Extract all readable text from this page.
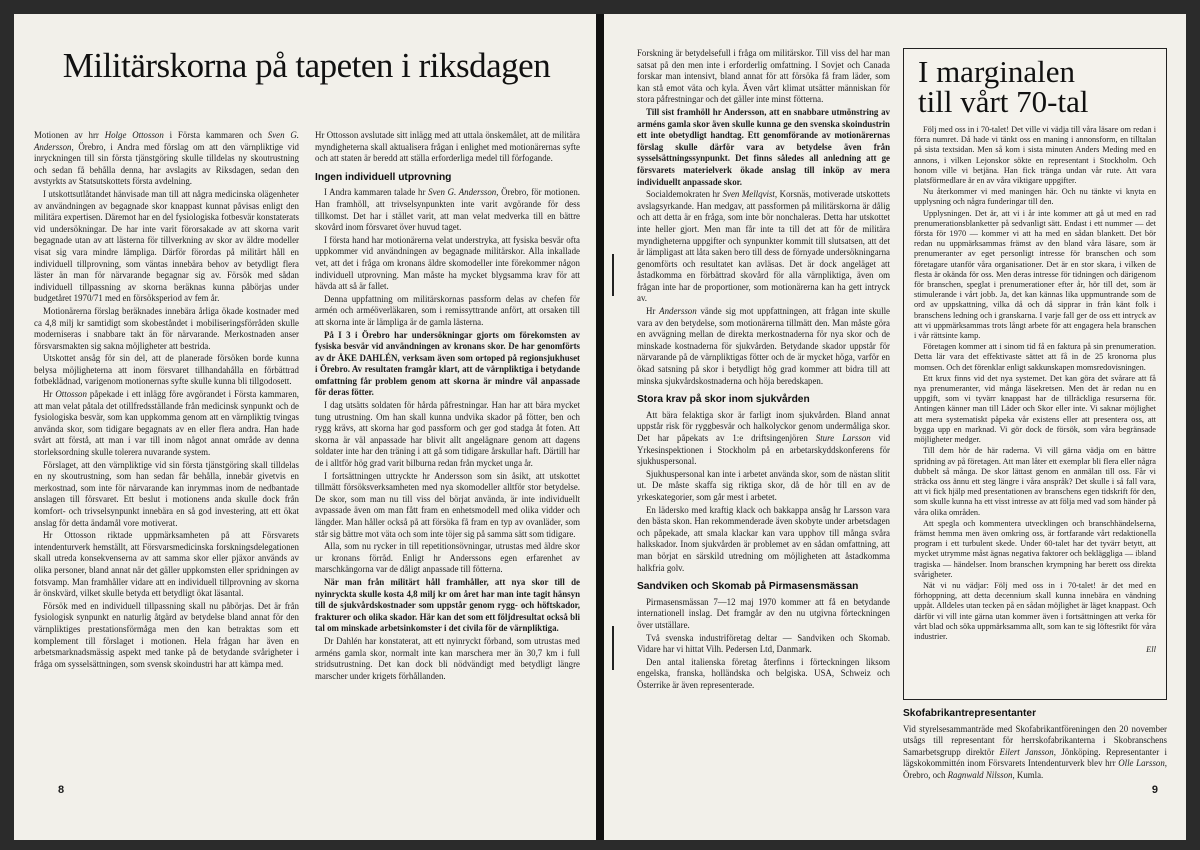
Militärskorna på tapeten i riksdagen

Motionen av hrr Holge Ottosson i Första kammaren och Sven G. Andersson, Örebro, i Andra med förslag om att den värnpliktige vid inryckningen till sin första tjänstgöring skulle tilldelas ny skoutrustning och sedan få behålla denna, har avslagits av Riksdagen, sedan den avstyrkts av Statsutskottets första avdelning.

I utskottsutlåtandet hänvisade man till att några medicinska olägenheter av användningen av begagnade skor knappast kunnat påvisas enligt den militära expertisen. Däremot har en del fysiologiska fotbesvär konstaterats vid undersökningar. De har inte varit förorsakade av att skorna varit begagnade utan av att lästerna för tillverkning av skor av äldre modeller visat sig vara mindre lämpliga. Därför förordas på militärt håll en individuell tillprovning, som väntas innebära behov av betydligt flera läster än man för närvarande begagnar sig av. Försök med sådan individuell tillpassning av skorna beräknas kunna påbörjas under budgetåret 1970/71 med en försöksperiod av fem år.

Motionärerna förslag beräknades innebära årliga ökade kostnader med ca 4,8 milj kr samtidigt som skobeståndet i mobiliseringsförråden skulle moderniseras i snabbare takt än för närvarande. Merkostnaden anser försvarsmakten sig sakna möjligheter att bestrida.

Utskottet ansåg för sin del, att de planerade försöken borde kunna belysa möjligheterna att inom försvaret tillhandahålla en förbättrad fotbeklädnad, varigenom motionernas syfte skulle kunna bli tillgodosett.

Hr Ottosson påpekade i ett inlägg före avgörandet i Första kammaren, att man velat påtala det otillfredsställande från medicinsk synpunkt och de fysiologiska besvär, som kan uppkomma genom att en värnpliktig tvingas använda skor, som tidigare begagnats av en eller flera andra. Han hade svårt att förstå, att man i var till inom något annat område av denna storleksordning skulle tolerera nuvarande system.

Förslaget, att den värnpliktige vid sin första tjänstgöring skall tilldelas en ny skoutrustning, som han sedan får behålla, innebär givetvis en merkostnad, som inte för närvarande kan inrymmas inom de nedbantade anslagen till försvaret. Ett beslut i motionens anda skulle dock från komfort- och trivselsynpunkt innebära en så god investering, att ett ökat anslag för detta ändamål vore motiverat.

Hr Ottosson riktade uppmärksamheten på att Försvarets intendenturverk hemställt, att Försvarsmedicinska forskningsdelegationen skall utreda konsekvenserna av att samma skor eller pjäxor används av olika personer, bland annat när det gäller uppkomsten eller spridningen av fotsvamp. Man framhåller vidare att en individuell tillprovning av skorna är önskvärd, vilket skulle betyda ett betydligt ökat läsantal.

Försök med en individuell tillpassning skall nu påbörjas. Det är från fysiologisk synpunkt en naturlig åtgärd av betydelse bland annat för den värnpliktiges prestationsförmåga men den kan betraktas som ett komplement till förslaget i motionen. Hela frågan har även en arbetsmarknadsmässig aspekt med tanke på de betydande svårigheter i fråga om sysselsättningen, som svensk skoindustri har att kämpa med.

Hr Ottosson avslutade sitt inlägg med att uttala önskemålet, att de militära myndigheterna skall aktualisera frågan i enlighet med motionärernas syfte och att staten är beredd att ställa erforderliga medel till förfogande.

Ingen individuell utprovning

I Andra kammaren talade hr Sven G. Andersson, Örebro, för motionen. Han framhöll, att trivselsynpunkten inte varit avgörande för dess tillkomst. Det har i stället varit, att man velat medverka till en bättre skovård inom försvaret över huvud taget.

I första hand har motionärerna velat understryka, att fysiska besvär ofta uppkommer vid användningen av begagnade militärskor. Alla inkallade vet, att det i fråga om kronans äldre skomodeller inte förekommer någon individuell utprovning. Man måste ha mycket blygsamma krav för att hävda att så är fallet.

Denna uppfattning om militärskornas passform delas av chefen för armén och arméöverläkaren, som i remissyttrande anfört, att orsaken till att skorna inte är lämpliga är de gamla lästerna.

På I 3 i Örebro har undersökningar gjorts om förekomsten av fysiska besvär vid användningen av kronans skor. De har genomförts av dr ÅKE DAHLÉN, verksam även som ortoped på regionsjukhuset i Örebro. Av resultaten framgår klart, att de värnpliktiga i betydande omfattning får problem genom att skorna är mindre väl anpassade för deras fötter.

I dag utsätts soldaten för hårda påfrestningar. Han har att bära mycket tung utrustning. Om han skall kunna undvika skador på fötter, ben och rygg krävs, att skorna har god passform och ger god stadga åt foten. Att skorna är väl anpassade har blivit allt angelägnare genom att dagens soldater inte har den träning i att gå som tidigare årskullar haft. Därtill har de i alltför hög grad varit bilburna redan från mycket unga år.

I fortsättningen uttryckte hr Andersson som sin åsikt, att utskottet tillmätt försöksverksamheten med nya skomodeller alltför stor betydelse. De skor, som man nu till viss del börjat använda, är inte individuellt avpassade även om man fått fram en enhetsmodell med olika vidder och längder. Man håller också på att försöka få fram en typ av ovanläder, som står sig bättre mot väta och som inte töjer sig på samma sätt som tidigare.

Alla, som nu rycker in till repetitionsövningar, utrustas med äldre skor ur kronans förråd. Enligt hr Anderssons egen erfarenhet av marschkängorna var de dåligt anpassade till fötterna.

När man från militärt håll framhåller, att nya skor till de nyinryckta skulle kosta 4,8 milj kr om året har man inte tagit hänsyn till de sjukvårdskostnader som uppstår genom rygg- och höftskador, frakturer och olika skador. Här kan det som ett följdresultat också bli tal om minskade arbetsinkomster i det civila för de värnpliktiga.

Dr Dahlén har konstaterat, att ett nyinryckt förband, som utrustas med arméns gamla skor, normalt inte kan marschera mer än 30,7 km i full stridsutrustning. Det kan dock bli nödvändigt med betydligt längre marscher under krigets förhållanden.

8

Forskning är betydelsefull i fråga om militärskor. Till viss del har man satsat på den men inte i erforderlig omfattning. I Sovjet och Canada forskar man intensivt, bland annat för att försöka få fram läder, som kan stå emot väta och kyla. Även vårt klimat utsätter människan för stora påfrestningar och det gäller inte minst fötterna.

Till sist framhöll hr Andersson, att en snabbare utmönstring av arméns gamla skor även skulle kunna ge den svenska skoindustrin ett inte obetydligt handtag. Ett genomförande av motionärernas förslag skulle därför vara av betydelse även från sysselsättningssynpunkt. Det finns således all anledning att ge försvarets materielverk ökade anslag till inköp av mera individuellt anpassade skor.

Socialdemokraten hr Sven Mellqvist, Korsnäs, motiverade utskottets avslagsyrkande. Han medgav, att passformen på militärskorna är dålig och att detta är en fråga, som inte bör nonchaleras. Detta har utskottet inte heller gjort. Men man får inte ta till det att för de militära myndigheterna uppgifter och synpunkter kommit till slutsatsen, att det är lämpligast att låta saken bero till dess de förnyade undersökningarna genomförts och resultatet kan avläsas. Det är dock angeläget att åstadkomma en förbättrad skovård för alla värnpliktiga, även om frågan inte har de proportioner, som motionärerna kan ha gett intryck av.

Hr Andersson vände sig mot uppfattningen, att frågan inte skulle vara av den betydelse, som motionärerna tillmätt den. Man måste göra en avvägning mellan de direkta merkostnaderna för nya skor och de minskade kostnaderna för sjukvården. Betydande skador uppstår för närvarande på de värnpliktigas fötter och de är mycket höga, varför en ökad satsning på skor i betydligt hög grad kommer att bidra till att minska sjukvårdskostnaderna och höja beredskapen.

Stora krav på skor inom sjukvården

Att bära felaktiga skor är farligt inom sjukvården. Bland annat uppstår risk för ryggbesvär och halkolyckor genom undermåliga skor. Det har påpekats av 1:e driftsingenjören Sture Larsson vid Yrkesinspektionen i Stockholm på en arbetarskyddskonferens för sjukhuspersonal.

Sjukhuspersonal kan inte i arbetet använda skor, som de nästan slitit ut. De måste skaffa sig riktiga skor, då de hör till en av de yrkeskategorier, som går mest i arbetet.

En lädersko med kraftig klack och bakkappa ansåg hr Larsson vara den bästa skon. Han rekommenderade även skobyte under arbetsdagen och påpekade, att smala klackar kan vara upphov till många svåra halkskador. Inom sjukvården är problemet av en sådan omfattning, att man börjat en särskild utredning om möjligheten att åstadkomma halkfria golv.

Sandviken och Skomab på Pirmasensmässan

Pirmasensmässan 7—12 maj 1970 kommer att få en betydande internationell inslag. Det framgår av den nu utgivna förteckningen över utställare.

Två svenska industriföretag deltar — Sandviken och Skomab. Vidare har vi hittat Vilh. Pedersen Ltd, Danmark.

Den antal italienska företag återfinns i förteckningen liksom engelska, franska, holländska och belgiska. USA, Schweiz och Österrike är även representerade.

I marginalen
till vårt 70-tal

Följ med oss in i 70-talet! Det ville vi vädja till våra läsare om redan i förra numret. Då hade vi tänkt oss en maning i annonsform, en tilltalan på sista textsidan. Men så kom i sista minuten Anders Meding med en annons, i vilken Lejonskor sökte en representant i Stockholm. Och honom ville vi betjäna. Han fick tränga undan vår rute. Att vara platsförmedlare är en av våra viktigare uppgifter.

Nu återkommer vi med maningen här. Och nu tänkte vi knyta en upplysning och några funderingar till den.

Upplysningen. Det är, att vi i år inte kommer att gå ut med en rad prenumerationsblanketter på sedvanligt sätt. Endast i ett nummer — det första för 1970 — kommer vi att ha med en sådan blankett. Det bör redan nu uppmärksammas främst av den bland våra läsare, som är prenumeranter av eget personligt intresse för branschen och som företagare utanför våra organisationer. Det är en stor skara, i vilken de flesta är okända för oss. Men deras intresse för tidningen och därigenom för branschen, speglat i prenumerationer efter år, hör till det, som är stimulerande i vårt jobb. Ja, det kan kännas lika uppmuntrande som de ord av uppskattning, vilka då och då sipprar in från känt folk i branschens ledning och i granskarna. I varje fall ger de oss ett intryck av att vi uppmärksammas trots långt arbete för att engagera hela branschen i vår rättsinte kamp.

Företagen kommer att i sinom tid få en faktura på sin prenumeration. Detta lär vara det effektivaste sättet att få in de 25 kronorna plus momsen. Och det förenklar enligt sakkunskapen momsredovisningen.

Ett krux finns vid det nya systemet. Det kan göra det svårare att få nya prenumeranter, vid många läsekretsen. Men det är redan nu en uppgift, som vi tyvärr knappast har de tillräckliga resurserna för. Antingen känner man till Läder och Skor eller inte. Vi saknar möjlighet att mera systematiskt påpeka vår existens eller att presentera oss, att bygga upp en marknad. Vi gör dock de försök, som våra begränsade möjligheter medger.

Till dem hör de här raderna. Vi vill gärna vädja om en bättre spridning av på företagen. Att man låter ett exemplar bli flera eller några dubbelt så många. De skor lättast genom en anmälan till oss. Får vi sträcka oss ännu ett steg längre i våra anspråk? Det skulle i så fall vara, att vi fick hjälp med presentationen av branschens egen tidskrift för den, som skulle kunna ha ett visst intresse av att följa med vad som händer på våra olika områden.

Att spegla och kommentera utvecklingen och branschhändelserna, främst hemma men även omkring oss, är fortfarande vårt redaktionella program i ett turbulent skede. Under 60-talet har det tyvärr betytt, att mycket utrymme måst ägnas negativa faktorer och bekläggliga — ibland tragiska — händelser. Inom branschen krympning har berett oss direkta svårigheter.

Nät vi nu vädjar: Följ med oss in i 70-talet! är det med en förhoppning, att detta decennium skall kunna innebära en vändning uppåt. Alldeles utan tecken på en sådan möjlighet är läget knappast. Och därför vi vill inte gärna utan kommer även i fortsättningen att verka för vårt blad och söka uppmärksamma allt, som kan te sig löftesrikt för våra industrier.

Ell
Skofabrikantrepresentanter

Vid styrelsesammanträde med Skofabrikantföreningen den 20 november utsågs till representant för herrskofabrikanterna i Skobranschens Samarbetsgrupp direktör Eilert Jansson, Jönköping. Representanter i lägskokommittén inom Försvarets Intendenturverk blev hrr Olle Larsson, Örebro, och Ragnwald Nilsson, Kumla.

9
